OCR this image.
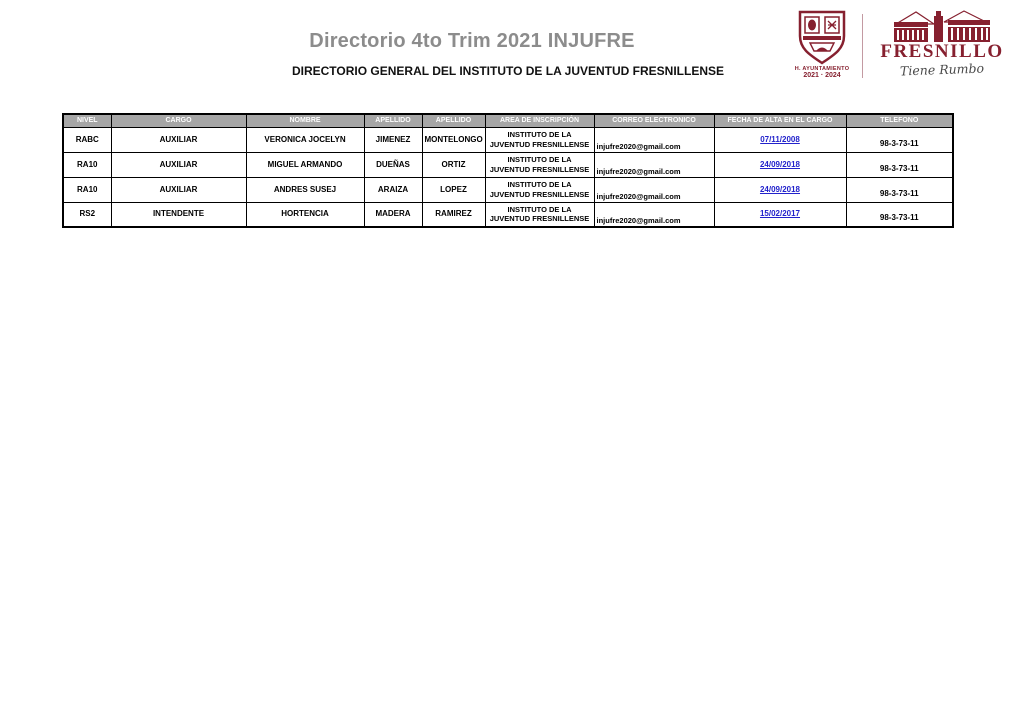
Directorio 4to Trim 2021 INJUFRE
DIRECTORIO GENERAL DEL INSTITUTO DE LA JUVENTUD FRESNILLENSE	H. AYUNTAMIENTO
2021 · 2024
FRESNILLO
Tiene Rumbo
NIVEL	CARGO	NOMBRE	APELLIDO	APELLIDO	AREA DE INSCRIPCIÓN	CORREO ELECTRONICO	FECHA DE ALTA EN EL CARGO	TELEFONO
RABC	AUXILIAR	VERONICA JOCELYN	JIMENEZ	MONTELONGO	INSTITUTO DE LA JUVENTUD FRESNILLENSE	injufre2020@gmail.com	07/11/2008	98-3-73-11
RA10	AUXILIAR	MIGUEL ARMANDO	DUEÑAS	ORTIZ	INSTITUTO DE LA JUVENTUD FRESNILLENSE	injufre2020@gmail.com	24/09/2018	98-3-73-11
RA10	AUXILIAR	ANDRES SUSEJ	ARAIZA	LOPEZ	INSTITUTO DE LA JUVENTUD FRESNILLENSE	injufre2020@gmail.com	24/09/2018	98-3-73-11
RS2	INTENDENTE	HORTENCIA	MADERA	RAMIREZ	INSTITUTO DE LA JUVENTUD FRESNILLENSE	injufre2020@gmail.com	15/02/2017	98-3-73-11
